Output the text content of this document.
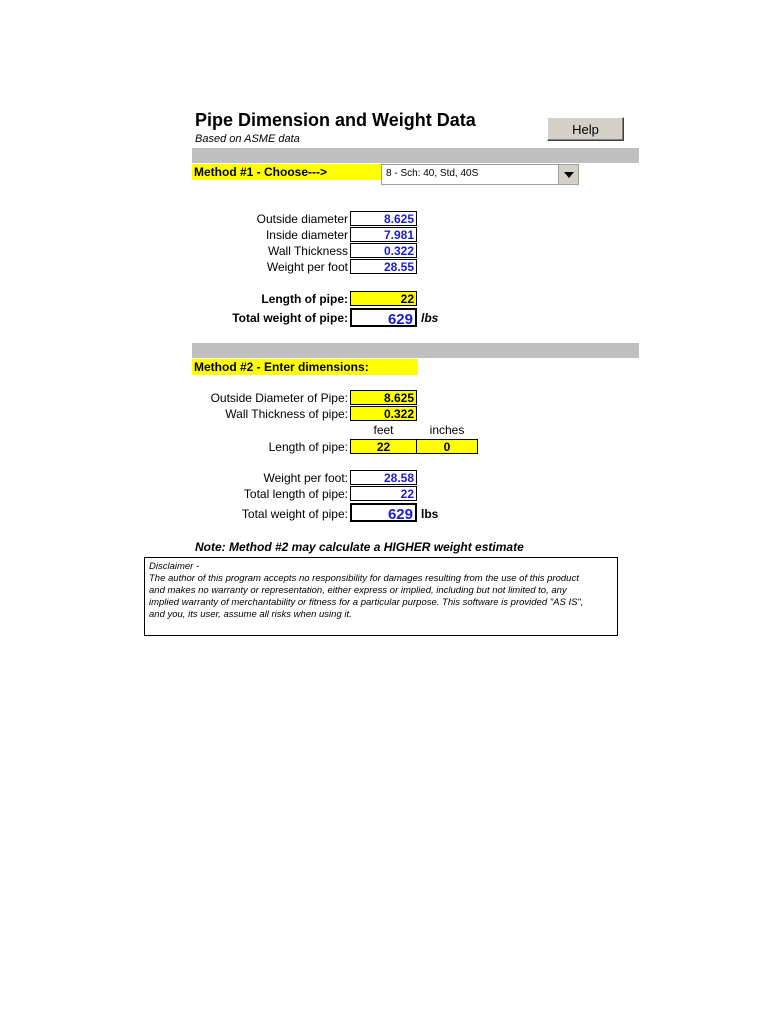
Pipe Dimension and Weight Data
Based on ASME data
Help
Method #1 - Choose--->	8 - Sch: 40, Std, 40S
Outside diameter	8.625
Inside diameter	7.981
Wall Thickness	0.322
Weight per foot	28.55
Length of pipe:	22
Total weight of pipe:	629 lbs
Method #2 - Enter dimensions:
Outside Diameter of Pipe:	8.625
Wall Thickness of pipe:	0.322
feet	inches
Length of pipe:	22	0
Weight per foot:	28.58
Total length of pipe:	22
Total weight of pipe:	629 lbs
Note: Method #2 may calculate a HIGHER weight estimate
Disclaimer -
The author of this program accepts no responsibility for damages resulting from the use of this product
and makes no warranty or representation, either express or implied, including but not limited to, any
implied warranty of merchantability or fitness for a particular purpose. This software is provided "AS IS",
and you, its user, assume all risks when using it.
